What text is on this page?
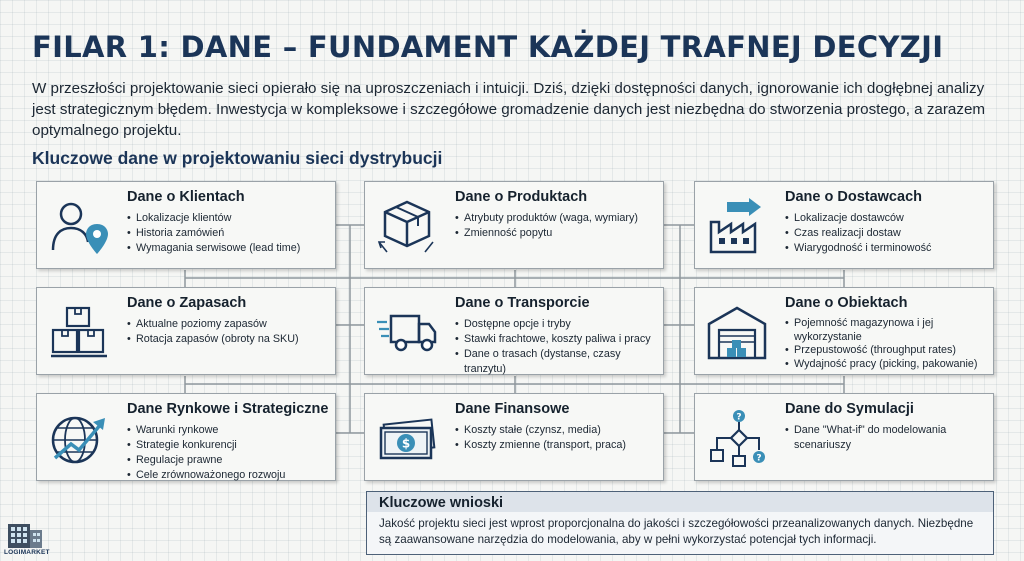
FILAR 1: DANE – FUNDAMENT KAŻDEJ TRAFNEJ DECYZJI

W przeszłości projektowanie sieci opierało się na uproszczeniach i intuicji. Dziś, dzięki dostępności danych, ignorowanie ich dogłębnej analizy jest strategicznym błędem. Inwestycja w kompleksowe i szczegółowe gromadzenie danych jest niezbędna do stworzenia prostego, a zarazem optymalnego projektu.

Kluczowe dane w projektowaniu sieci dystrybucji
Dane o Klientach
• Lokalizacje klientów
• Historia zamówień
• Wymagania serwisowe (lead time)
Dane o Produktach
• Atrybuty produktów (waga, wymiary)
• Zmienność popytu
Dane o Dostawcach
• Lokalizacje dostawców
• Czas realizacji dostaw
• Wiarygodność i terminowość
Dane o Zapasach
• Aktualne poziomy zapasów
• Rotacja zapasów (obroty na SKU)
Dane o Transporcie
• Dostępne opcje i tryby
• Stawki frachtowe, koszty paliwa i pracy
• Dane o trasach (dystanse, czasy tranzytu)
Dane o Obiektach
• Pojemność magazynowa i jej wykorzystanie
• Przepustowość (throughput rates)
• Wydajność pracy (picking, pakowanie)
Dane Rynkowe i Strategiczne
• Warunki rynkowe
• Strategie konkurencji
• Regulacje prawne
• Cele zrównoważonego rozwoju
$
Dane Finansowe
• Koszty stałe (czynsz, media)
• Koszty zmienne (transport, praca)
?
?
Dane do Symulacji
• Dane "What-if" do modelowania scenariuszy
Kluczowe wnioski

Jakość projektu sieci jest wprost proporcjonalna do jakości i szczegółowości przeanalizowanych danych. Niezbędne są zaawansowane narzędzia do modelowania, aby w pełni wykorzystać potencjał tych informacji.

LOGIMARKET
